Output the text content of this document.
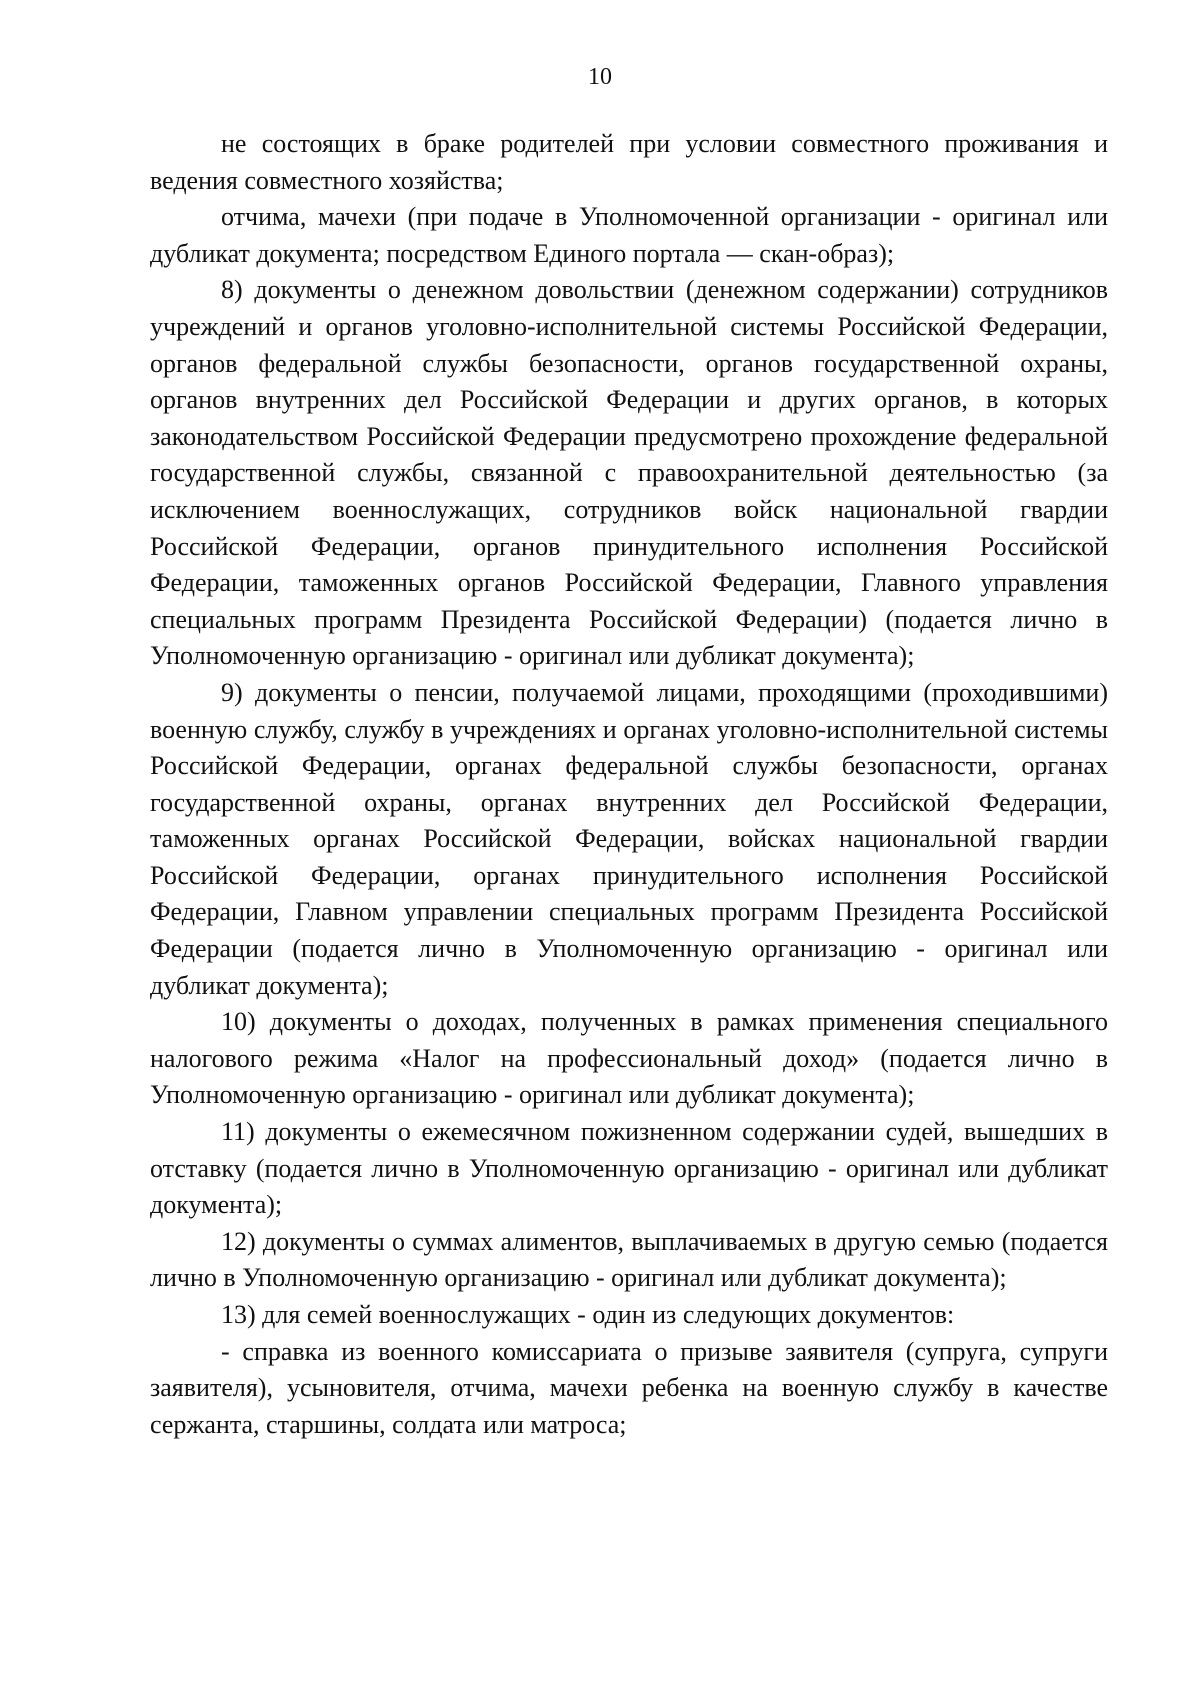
10

не состоящих в браке родителей при условии совместного проживания и ведения совместного хозяйства;

отчима, мачехи (при подаче в Уполномоченной организации - оригинал или дубликат документа; посредством Единого портала — скан-образ);

8) документы о денежном довольствии (денежном содержании) сотрудников учреждений и органов уголовно-исполнительной системы Российской Федерации, органов федеральной службы безопасности, органов государственной охраны, органов внутренних дел Российской Федерации и других органов, в которых законодательством Российской Федерации предусмотрено прохождение федеральной государственной службы, связанной с правоохранительной деятельностью (за исключением военнослужащих, сотрудников войск национальной гвардии Российской Федерации, органов принудительного исполнения Российской Федерации, таможенных органов Российской Федерации, Главного управления специальных программ Президента Российской Федерации) (подается лично в Уполномоченную организацию - оригинал или дубликат документа);

9) документы о пенсии, получаемой лицами, проходящими (проходившими) военную службу, службу в учреждениях и органах уголовно-исполнительной системы Российской Федерации, органах федеральной службы безопасности, органах государственной охраны, органах внутренних дел Российской Федерации, таможенных органах Российской Федерации, войсках национальной гвардии Российской Федерации, органах принудительного исполнения Российской Федерации, Главном управлении специальных программ Президента Российской Федерации (подается лично в Уполномоченную организацию - оригинал или дубликат документа);

10) документы о доходах, полученных в рамках применения специального налогового режима «Налог на профессиональный доход» (подается лично в Уполномоченную организацию - оригинал или дубликат документа);

11) документы о ежемесячном пожизненном содержании судей, вышедших в отставку (подается лично в Уполномоченную организацию - оригинал или дубликат документа);

12) документы о суммах алиментов, выплачиваемых в другую семью (подается лично в Уполномоченную организацию - оригинал или дубликат документа);

13) для семей военнослужащих - один из следующих документов:

- справка из военного комиссариата о призыве заявителя (супруга, супруги заявителя), усыновителя, отчима, мачехи ребенка на военную службу в качестве сержанта, старшины, солдата или матроса;
